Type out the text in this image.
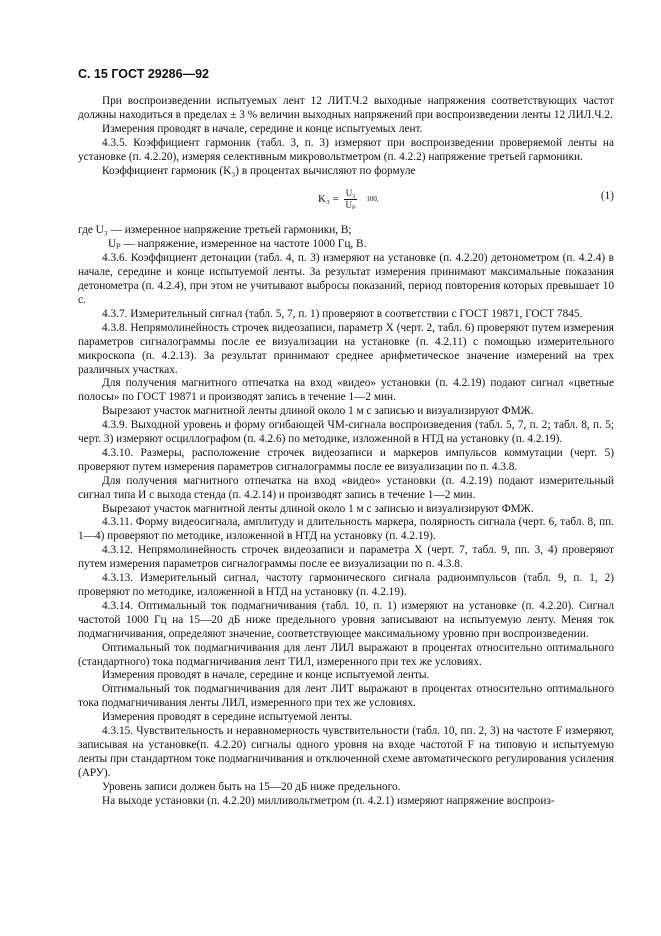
С. 15 ГОСТ 29286—92

При воспроизведении испытуемых лент 12 ЛИТ.Ч.2 выходные напряжения соответствующих частот должны находиться в пределах ± 3 % величин выходных напряжений при воспроизведении ленты 12 ЛИЛ.Ч.2.

Измерения проводят в начале, середине и конце испытуемых лент.

4.3.5. Коэффициент гармоник (табл. 3, п. 3) измеряют при воспроизведении проверяемой ленты на установке (п. 4.2.20), измеряя селективным микровольтметром (п. 4.2.2) напряжение третьей гармоники.

Коэффициент гармоник (K₃) в процентах вычисляют по формуле

$K_3 = \frac{\text{U₃}}{\text{Uₚ}} 100$,	(1)

где U₃ — измеренное напряжение третьей гармоники, В;

Uₚ — напряжение, измеренное на частоте 1000 Гц, В.

4.3.6. Коэффициент детонации (табл. 4, п. 3) измеряют на установке (п. 4.2.20) детонометром (п. 4.2.4) в начале, середине и конце испытуемой ленты. За результат измерения принимают максимальные показания детонометра (п. 4.2.4), при этом не учитывают выбросы показаний, период повторения которых превышает 10 с.

4.3.7. Измерительный сигнал (табл. 5, 7, п. 1) проверяют в соответствии с ГОСТ 19871, ГОСТ 7845.

4.3.8. Непрямолинейность строчек видеозаписи, параметр X (черт. 2, табл. 6) проверяют путем измерения параметров сигналограммы после ее визуализации на установке (п. 4.2.11) с помощью измерительного микроскопа (п. 4.2.13). За результат принимают среднее арифметическое значение измерений на трех различных участках.

Для получения магнитного отпечатка на вход «видео» установки (п. 4.2.19) подают сигнал «цветные полосы» по ГОСТ 19871 и производят запись в течение 1—2 мин.

Вырезают участок магнитной ленты длиной около 1 м с записью и визуализируют ФМЖ.

4.3.9. Выходной уровень и форму огибающей ЧМ-сигнала воспроизведения (табл. 5, 7, п. 2; табл. 8, п. 5; черт. 3) измеряют осциллографом (п. 4.2.6) по методике, изложенной в НТД на установку (п. 4.2.19).

4.3.10. Размеры, расположение строчек видеозаписи и маркеров импульсов коммутации (черт. 5) проверяют путем измерения параметров сигналограммы после ее визуализации по п. 4.3.8.

Для получения магнитного отпечатка на вход «видео» установки (п. 4.2.19) подают измерительный сигнал типа И с выхода стенда (п. 4.2.14) и производят запись в течение 1—2 мин.

Вырезают участок магнитной ленты длиной около 1 м с записью и визуализируют ФМЖ.

4.3.11. Форму видеосигнала, амплитуду и длительность маркера, полярность сигнала (черт. 6, табл. 8, пп. 1—4) проверяют по методике, изложенной в НТД на установку (п. 4.2.19).

4.3.12. Непрямолинейность строчек видеозаписи и параметра X (черт. 7, табл. 9, пп. 3, 4) проверяют путем измерения параметров сигналограммы после ее визуализации по п. 4.3.8.

4.3.13. Измерительный сигнал, частоту гармонического сигнала радиоимпульсов (табл. 9, п. 1, 2) проверяют по методике, изложенной в НТД на установку (п. 4.2.19).

4.3.14. Оптимальный ток подмагничивания (табл. 10, п. 1) измеряют на установке (п. 4.2.20). Сигнал частотой 1000 Гц на 15—20 дБ ниже предельного уровня записывают на испытуемую ленту. Меняя ток подмагничивания, определяют значение, соответствующее максимальному уровню при воспроизведении.

Оптимальный ток подмагничивания для лент ЛИЛ выражают в процентах относительно оптимального (стандартного) тока подмагничивания лент ТИЛ, измеренного при тех же условиях.

Измерения проводят в начале, середине и конце испытуемой ленты.

Оптимальный ток подмагничивания для лент ЛИТ выражают в процентах относительно оптимального тока подмагничивания ленты ЛИЛ, измеренного при тех же условиях.

Измерения проводят в середине испытуемой ленты.

4.3.15. Чувствительность и неравномерность чувствительности (табл. 10, пп. 2, 3) на частоте F измеряют, записывая на установке(п. 4.2.20) сигналы одного уровня на входе частотой F на типовую и испытуемую ленты при стандартном токе подмагничивания и отключенной схеме автоматического регулирования усиления (АРУ).

Уровень записи должен быть на 15—20 дБ ниже предельного.

На выходе установки (п. 4.2.20) милливольтметром (п. 4.2.1) измеряют напряжение воспроиз-
